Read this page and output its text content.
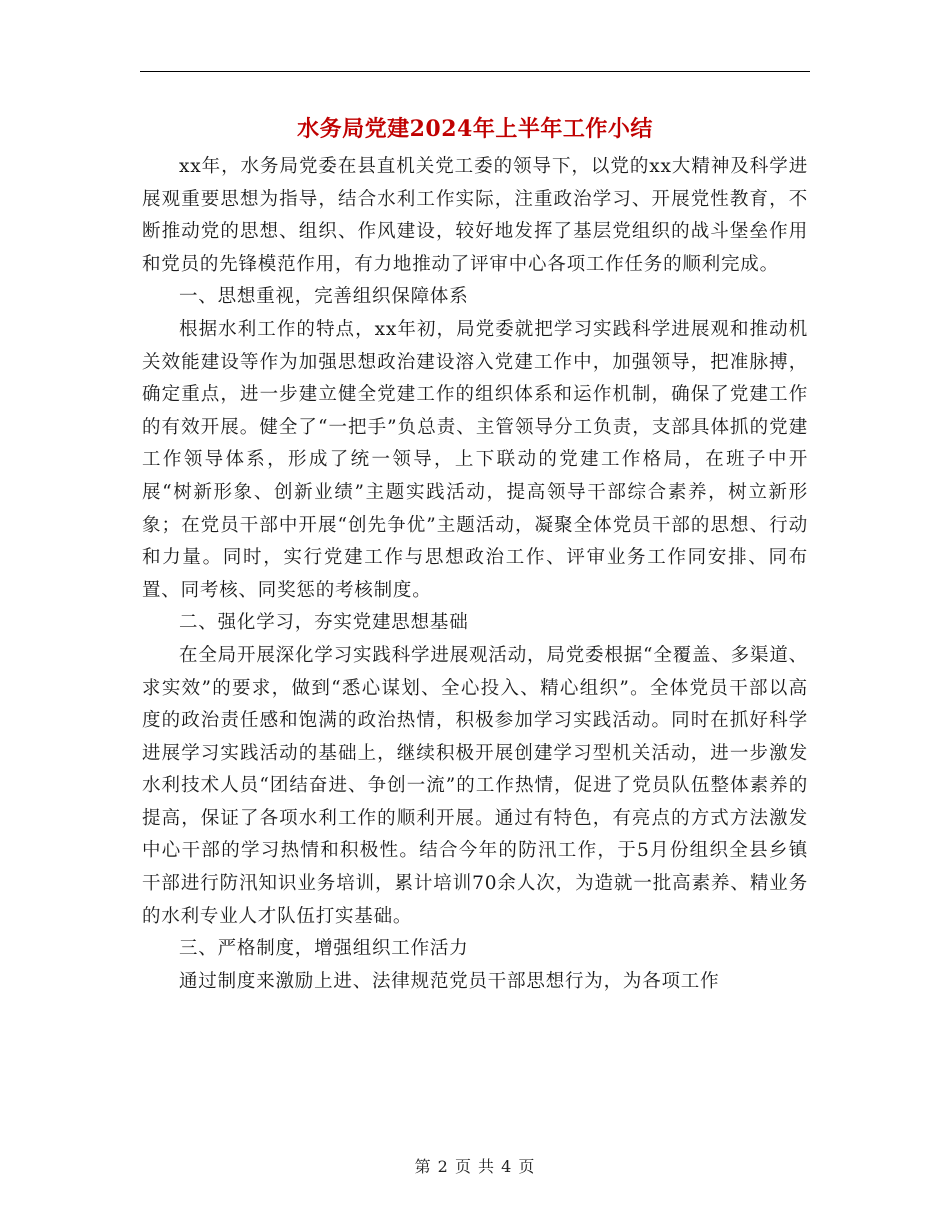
水务局党建2024年上半年工作小结

xx年，水务局党委在县直机关党工委的领导下，以党的xx大精神及科学进展观重要思想为指导，结合水利工作实际，注重政治学习、开展党性教育，不断推动党的思想、组织、作风建设，较好地发挥了基层党组织的战斗堡垒作用和党员的先锋模范作用，有力地推动了评审中心各项工作任务的顺利完成。

一、思想重视，完善组织保障体系

根据水利工作的特点，xx年初，局党委就把学习实践科学进展观和推动机关效能建设等作为加强思想政治建设溶入党建工作中，加强领导，把准脉搏，确定重点，进一步建立健全党建工作的组织体系和运作机制，确保了党建工作的有效开展。健全了“一把手”负总责、主管领导分工负责，支部具体抓的党建工作领导体系，形成了统一领导，上下联动的党建工作格局，在班子中开展“树新形象、创新业绩”主题实践活动，提高领导干部综合素养，树立新形象；在党员干部中开展“创先争优”主题活动，凝聚全体党员干部的思想、行动和力量。同时，实行党建工作与思想政治工作、评审业务工作同安排、同布置、同考核、同奖惩的考核制度。

二、强化学习，夯实党建思想基础

在全局开展深化学习实践科学进展观活动，局党委根据“全覆盖、多渠道、求实效”的要求，做到“悉心谋划、全心投入、精心组织”。全体党员干部以高度的政治责任感和饱满的政治热情，积极参加学习实践活动。同时在抓好科学进展学习实践活动的基础上，继续积极开展创建学习型机关活动，进一步激发水利技术人员“团结奋进、争创一流”的工作热情，促进了党员队伍整体素养的提高，保证了各项水利工作的顺利开展。通过有特色，有亮点的方式方法激发中心干部的学习热情和积极性。结合今年的防汛工作，于5月份组织全县乡镇干部进行防汛知识业务培训，累计培训70余人次，为造就一批高素养、精业务的水利专业人才队伍打实基础。

三、严格制度，增强组织工作活力

通过制度来激励上进、法律规范党员干部思想行为，为各项工作

第 2 页 共 4 页
